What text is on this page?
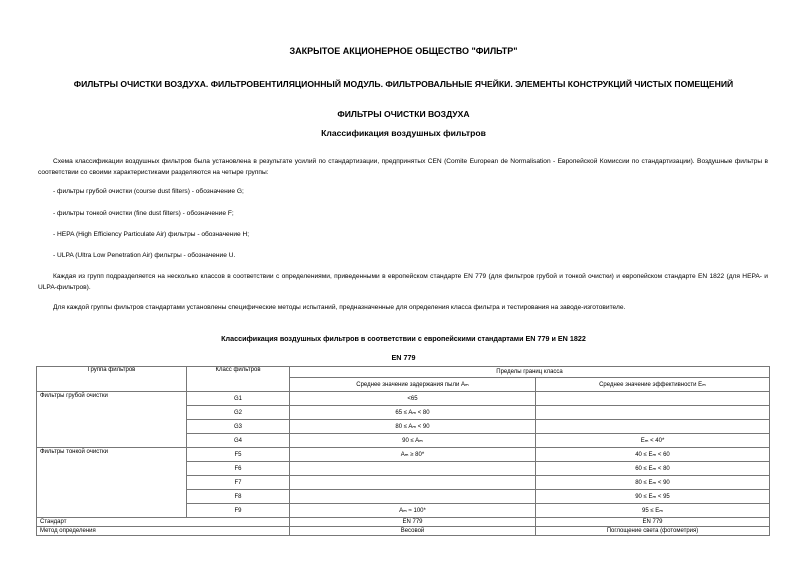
ЗАКРЫТОЕ АКЦИОНЕРНОЕ ОБЩЕСТВО "ФИЛЬТР"
ФИЛЬТРЫ ОЧИСТКИ ВОЗДУХА. ФИЛЬТРОВЕНТИЛЯЦИОННЫЙ МОДУЛЬ. ФИЛЬТРОВАЛЬНЫЕ ЯЧЕЙКИ. ЭЛЕМЕНТЫ КОНСТРУКЦИЙ ЧИСТЫХ ПОМЕЩЕНИЙ
ФИЛЬТРЫ ОЧИСТКИ ВОЗДУХА
Классификация воздушных фильтров
Схема классификации воздушных фильтров была установлена в результате усилий по стандартизации, предпринятых CEN (Comite European de Normalisation - Европейской Комиссии по стандартизации). Воздушные фильтры в соответствии со своими характеристиками разделяются на четыре группы:
- фильтры грубой очистки (course dust filters) - обозначение G;
- фильтры тонкой очистки (fine dust filters) - обозначение F;
- HEPA (High Efficiency Particulate Air) фильтры - обозначение H;
- ULPA (Ultra Low Penetration Air) фильтры - обозначение U.
Каждая из групп подразделяется на несколько классов в соответствии с определениями, приведенными в европейском стандарте EN 779 (для фильтров грубой и тонкой очистки) и европейском стандарте EN 1822 (для HEPA- и ULPA-фильтров).
Для каждой группы фильтров стандартами установлены специфические методы испытаний, предназначенные для определения класса фильтра и тестирования на заводе-изготовителе.
Классификация воздушных фильтров в соответствии с европейскими стандартами EN 779 и EN 1822
EN 779
Группа фильтров	Класс фильтров	Пределы границ класса	
		Среднее значение задержания пыли Aₘ	Среднее значение эффективности Eₘ
Фильтры грубой очистки	G1	<65	
	G2	65 ≤ Aₘ < 80	
	G3	80 ≤ Aₘ < 90	
	G4	90 ≤ Aₘ	Eₘ < 40*
Фильтры тонкой очистки	F5	Aₘ ≥ 80*	40 ≤ Eₘ < 60
	F6		60 ≤ Eₘ < 80
	F7		80 ≤ Eₘ < 90
	F8		90 ≤ Eₘ < 95
	F9	Aₘ ≈ 100*	95 ≤ Eₘ
Стандарт		EN 779	EN 779
Метод определения		Весовой	Поглощение света (фотометрия)
